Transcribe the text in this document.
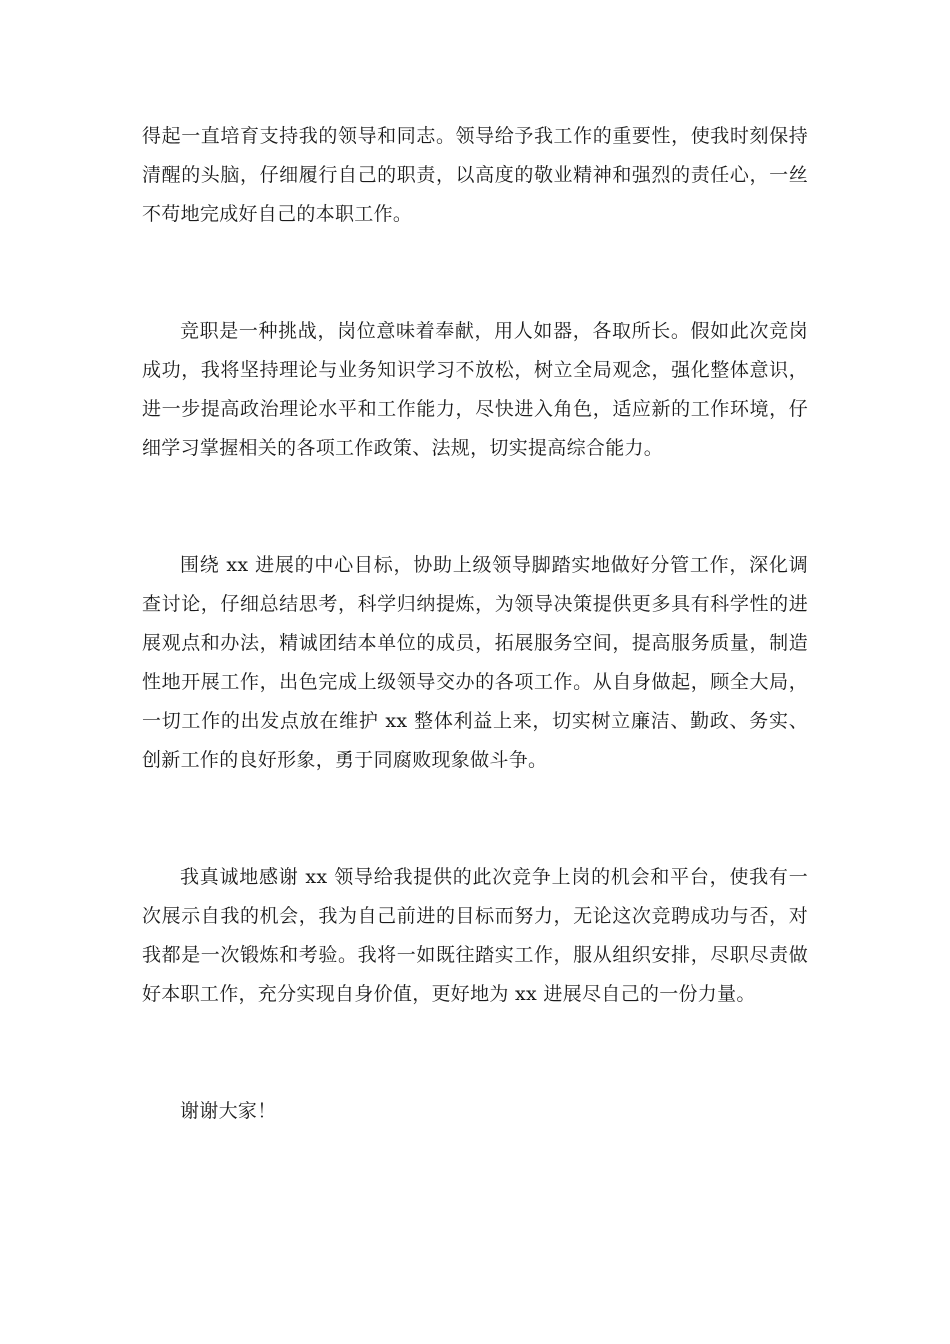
得起一直培育支持我的领导和同志。领导给予我工作的重要性，使我时刻保持清醒的头脑，仔细履行自己的职责，以高度的敬业精神和强烈的责任心，一丝不苟地完成好自己的本职工作。

竞职是一种挑战，岗位意味着奉献，用人如器，各取所长。假如此次竞岗成功，我将坚持理论与业务知识学习不放松，树立全局观念，强化整体意识，进一步提高政治理论水平和工作能力，尽快进入角色，适应新的工作环境，仔细学习掌握相关的各项工作政策、法规，切实提高综合能力。

围绕 xx 进展的中心目标，协助上级领导脚踏实地做好分管工作，深化调查讨论，仔细总结思考，科学归纳提炼，为领导决策提供更多具有科学性的进展观点和办法，精诚团结本单位的成员，拓展服务空间，提高服务质量，制造性地开展工作，出色完成上级领导交办的各项工作。从自身做起，顾全大局，一切工作的出发点放在维护 xx 整体利益上来，切实树立廉洁、勤政、务实、创新工作的良好形象，勇于同腐败现象做斗争。

我真诚地感谢 xx 领导给我提供的此次竞争上岗的机会和平台，使我有一次展示自我的机会，我为自己前进的目标而努力，无论这次竞聘成功与否，对我都是一次锻炼和考验。我将一如既往踏实工作，服从组织安排，尽职尽责做好本职工作，充分实现自身价值，更好地为 xx 进展尽自己的一份力量。

谢谢大家！
